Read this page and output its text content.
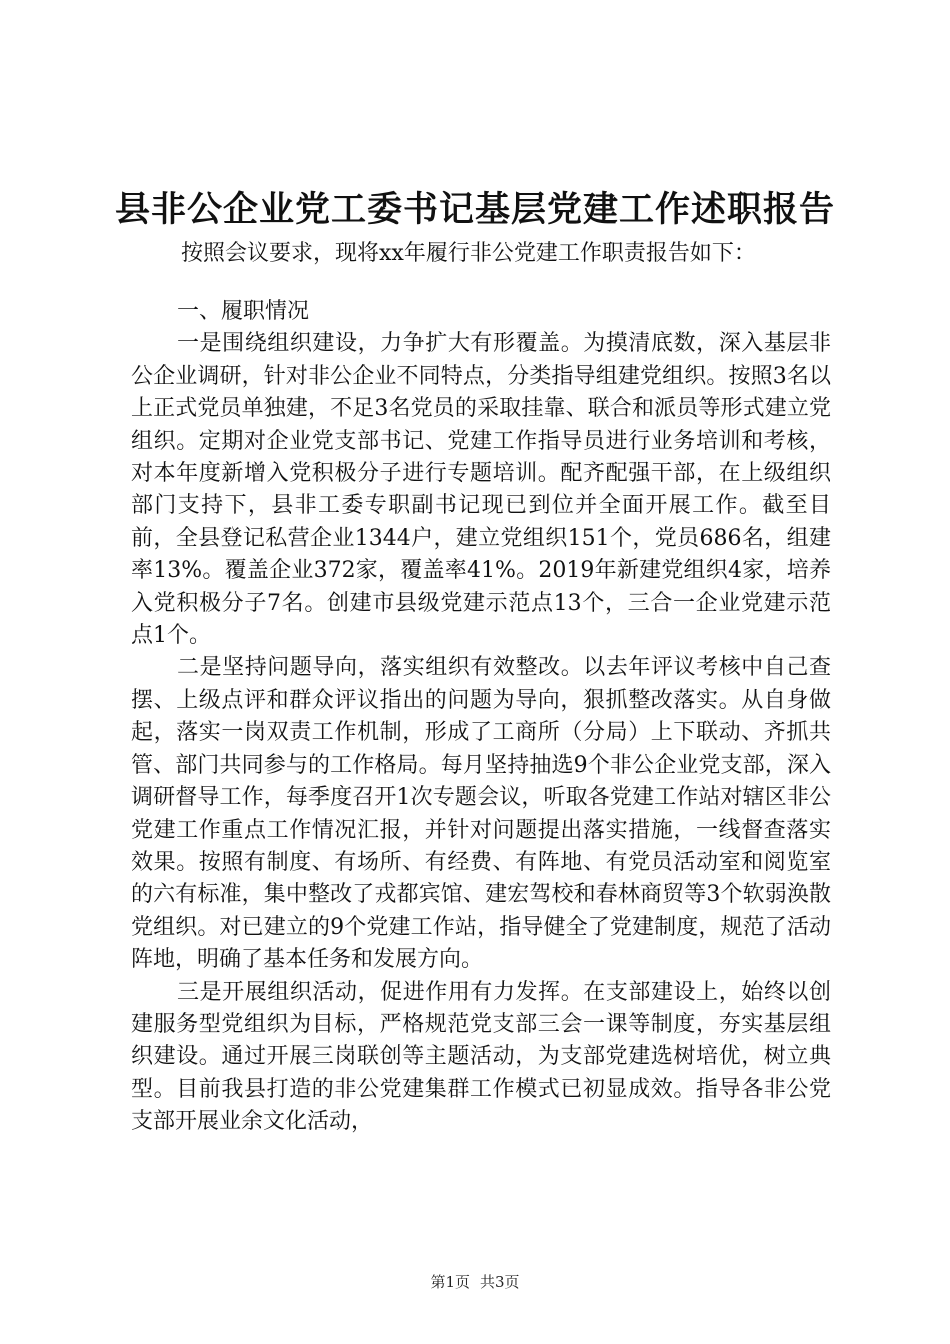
县非公企业党工委书记基层党建工作述职报告

按照会议要求，现将xx年履行非公党建工作职责报告如下：

一、履职情况

一是围绕组织建设，力争扩大有形覆盖。为摸清底数，深入基层非公企业调研，针对非公企业不同特点，分类指导组建党组织。按照3名以上正式党员单独建，不足3名党员的采取挂靠、联合和派员等形式建立党组织。定期对企业党支部书记、党建工作指导员进行业务培训和考核，对本年度新增入党积极分子进行专题培训。配齐配强干部，在上级组织部门支持下，县非工委专职副书记现已到位并全面开展工作。截至目前，全县登记私营企业1344户，建立党组织151个，党员686名，组建率13%。覆盖企业372家，覆盖率41%。2019年新建党组织4家，培养入党积极分子7名。创建市县级党建示范点13个，三合一企业党建示范点1个。

二是坚持问题导向，落实组织有效整改。以去年评议考核中自己查摆、上级点评和群众评议指出的问题为导向，狠抓整改落实。从自身做起，落实一岗双责工作机制，形成了工商所（分局）上下联动、齐抓共管、部门共同参与的工作格局。每月坚持抽选9个非公企业党支部，深入调研督导工作，每季度召开1次专题会议，听取各党建工作站对辖区非公党建工作重点工作情况汇报，并针对问题提出落实措施，一线督查落实效果。按照有制度、有场所、有经费、有阵地、有党员活动室和阅览室的六有标准，集中整改了戎都宾馆、建宏驾校和春林商贸等3个软弱涣散党组织。对已建立的9个党建工作站，指导健全了党建制度，规范了活动阵地，明确了基本任务和发展方向。

三是开展组织活动，促进作用有力发挥。在支部建设上，始终以创建服务型党组织为目标，严格规范党支部三会一课等制度，夯实基层组织建设。通过开展三岗联创等主题活动，为支部党建选树培优，树立典型。目前我县打造的非公党建集群工作模式已初显成效。指导各非公党支部开展业余文化活动，

第1页 共3页
